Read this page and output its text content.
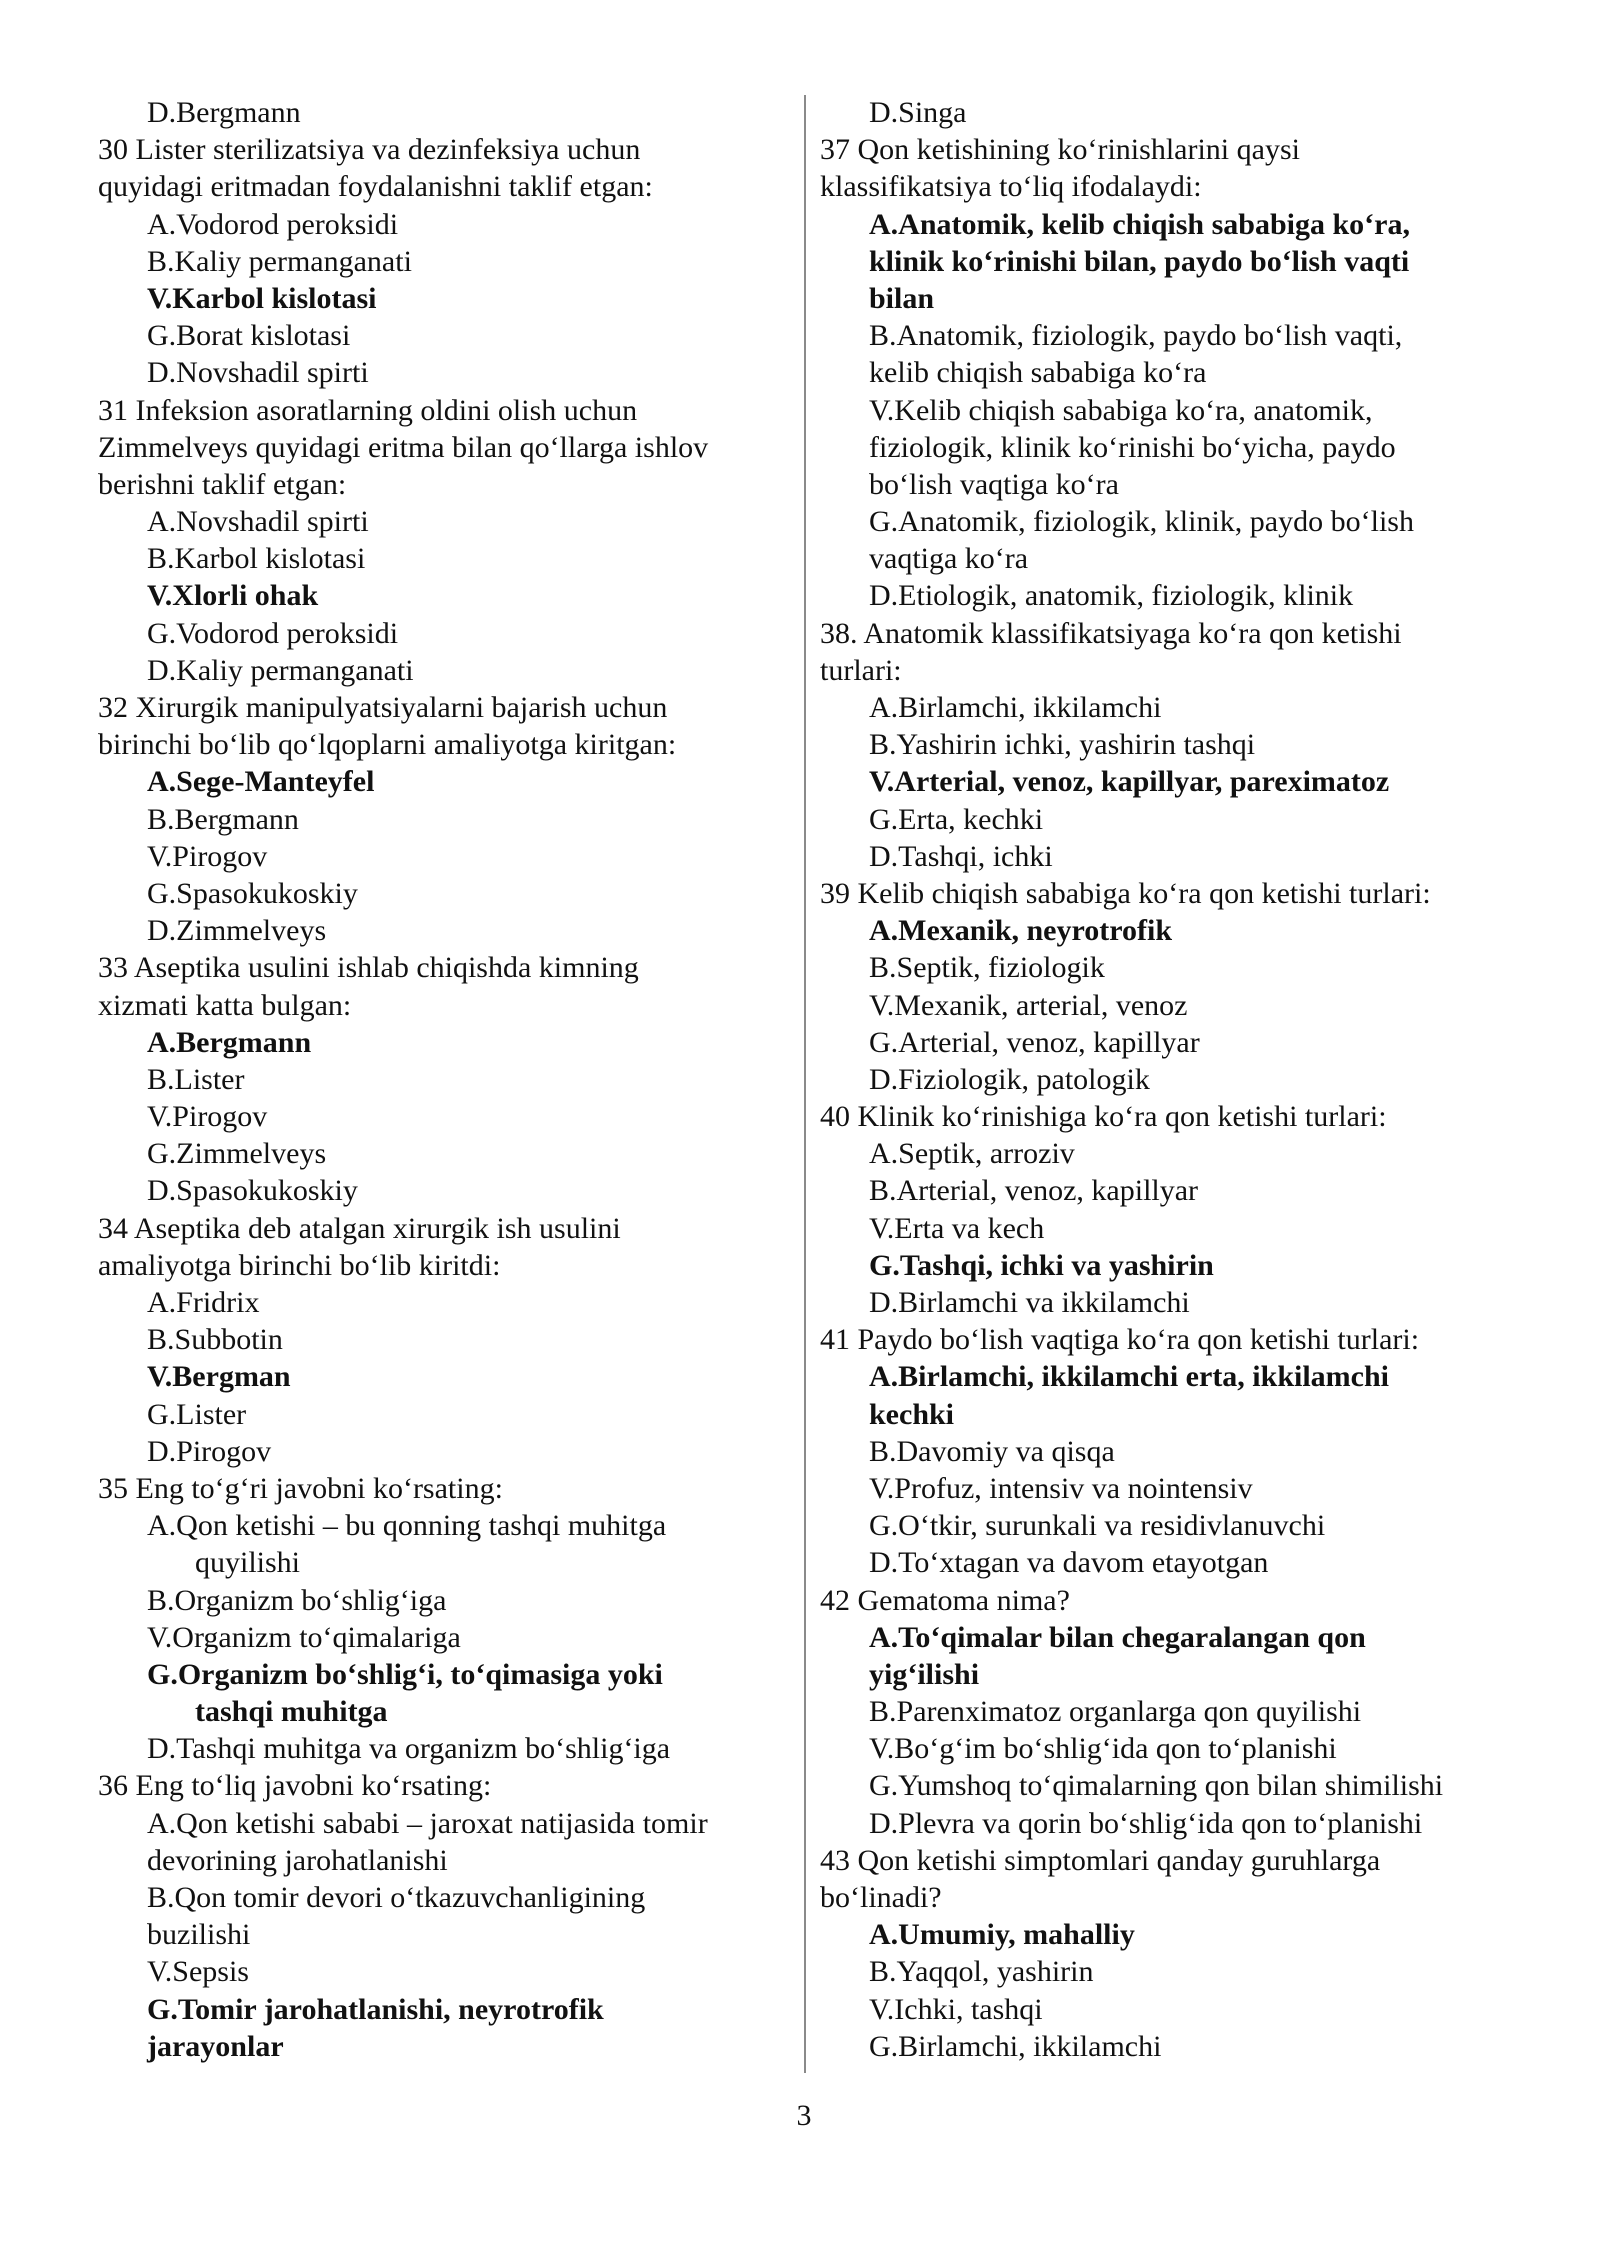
D.Bergmann
30 Lister sterilizatsiya va dezinfeksiya uchun
quyidagi eritmadan foydalanishni taklif etgan:
A.Vodorod peroksidi
B.Kaliy permanganati
V.Karbol kislotasi
G.Borat kislotasi
D.Novshadil spirti
31 Infeksion asoratlarning oldini olish uchun
Zimmelveys quyidagi eritma bilan qo‘llarga ishlov
berishni taklif etgan:
A.Novshadil spirti
B.Karbol kislotasi
V.Xlorli ohak
G.Vodorod peroksidi
D.Kaliy permanganati
32 Xirurgik manipulyatsiyalarni bajarish uchun
birinchi bo‘lib qo‘lqoplarni amaliyotga kiritgan:
A.Sege-Manteyfel
B.Bergmann
V.Pirogov
G.Spasokukoskiy
D.Zimmelveys
33 Aseptika usulini ishlab chiqishda kimning
xizmati katta bulgan:
A.Bergmann
B.Lister
V.Pirogov
G.Zimmelveys
D.Spasokukoskiy
34 Aseptika deb atalgan xirurgik ish usulini
amaliyotga birinchi bo‘lib kiritdi:
A.Fridrix
B.Subbotin
V.Bergman
G.Lister
D.Pirogov
35 Eng to‘g‘ri javobni ko‘rsating:
A.Qon ketishi – bu qonning tashqi muhitga
quyilishi
B.Organizm bo‘shlig‘iga
V.Organizm to‘qimalariga
G.Organizm bo‘shlig‘i, to‘qimasiga yoki
tashqi muhitga
D.Tashqi muhitga va organizm bo‘shlig‘iga
36 Eng to‘liq javobni ko‘rsating:
A.Qon ketishi sababi – jaroxat natijasida tomir
devorining jarohatlanishi
B.Qon tomir devori o‘tkazuvchanligining
buzilishi
V.Sepsis
G.Tomir jarohatlanishi, neyrotrofik
jarayonlar
D.Singa
37 Qon ketishining ko‘rinishlarini qaysi
klassifikatsiya to‘liq ifodalaydi:
A.Anatomik, kelib chiqish sababiga ko‘ra,
klinik ko‘rinishi bilan, paydo bo‘lish vaqti
bilan
B.Anatomik, fiziologik, paydo bo‘lish vaqti,
kelib chiqish sababiga ko‘ra
V.Kelib chiqish sababiga ko‘ra, anatomik,
fiziologik, klinik ko‘rinishi bo‘yicha, paydo
bo‘lish vaqtiga ko‘ra
G.Anatomik, fiziologik, klinik, paydo bo‘lish
vaqtiga ko‘ra
D.Etiologik, anatomik, fiziologik, klinik
38. Anatomik klassifikatsiyaga ko‘ra qon ketishi
turlari:
A.Birlamchi, ikkilamchi
B.Yashirin ichki, yashirin tashqi
V.Arterial, venoz, kapillyar, pareximatoz
G.Erta, kechki
D.Tashqi, ichki
39 Kelib chiqish sababiga ko‘ra qon ketishi turlari:
A.Mexanik, neyrotrofik
B.Septik, fiziologik
V.Mexanik, arterial, venoz
G.Arterial, venoz, kapillyar
D.Fiziologik, patologik
40 Klinik ko‘rinishiga ko‘ra qon ketishi turlari:
A.Septik, arroziv
B.Arterial, venoz, kapillyar
V.Erta va kech
G.Tashqi, ichki va yashirin
D.Birlamchi va ikkilamchi
41 Paydo bo‘lish vaqtiga ko‘ra qon ketishi turlari:
A.Birlamchi, ikkilamchi erta, ikkilamchi
kechki
B.Davomiy va qisqa
V.Profuz, intensiv va nointensiv
G.O‘tkir, surunkali va residivlanuvchi
D.To‘xtagan va davom etayotgan
42 Gematoma nima?
A.To‘qimalar bilan chegaralangan qon
yig‘ilishi
B.Parenximatoz organlarga qon quyilishi
V.Bo‘g‘im bo‘shlig‘ida qon to‘planishi
G.Yumshoq to‘qimalarning qon bilan shimilishi
D.Plevra va qorin bo‘shlig‘ida qon to‘planishi
43 Qon ketishi simptomlari qanday guruhlarga
bo‘linadi?
A.Umumiy, mahalliy
B.Yaqqol, yashirin
V.Ichki, tashqi
G.Birlamchi, ikkilamchi
3
